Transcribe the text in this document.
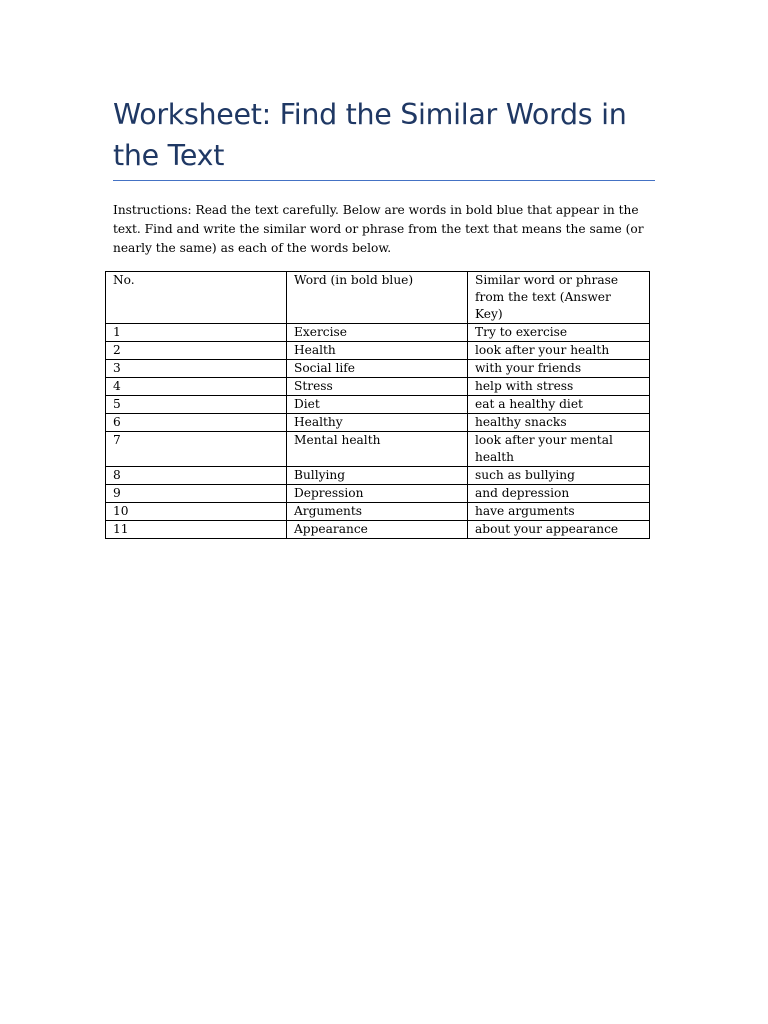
Worksheet: Find the Similar Words in the Text

Instructions: Read the text carefully. Below are words in bold blue that appear in the text. Find and write the similar word or phrase from the text that means the same (or nearly the same) as each of the words below.

No.	Word (in bold blue)	Similar word or phrase from the text (Answer Key)
1	Exercise	Try to exercise
2	Health	look after your health
3	Social life	with your friends
4	Stress	help with stress
5	Diet	eat a healthy diet
6	Healthy	healthy snacks
7	Mental health	look after your mental health
8	Bullying	such as bullying
9	Depression	and depression
10	Arguments	have arguments
11	Appearance	about your appearance
